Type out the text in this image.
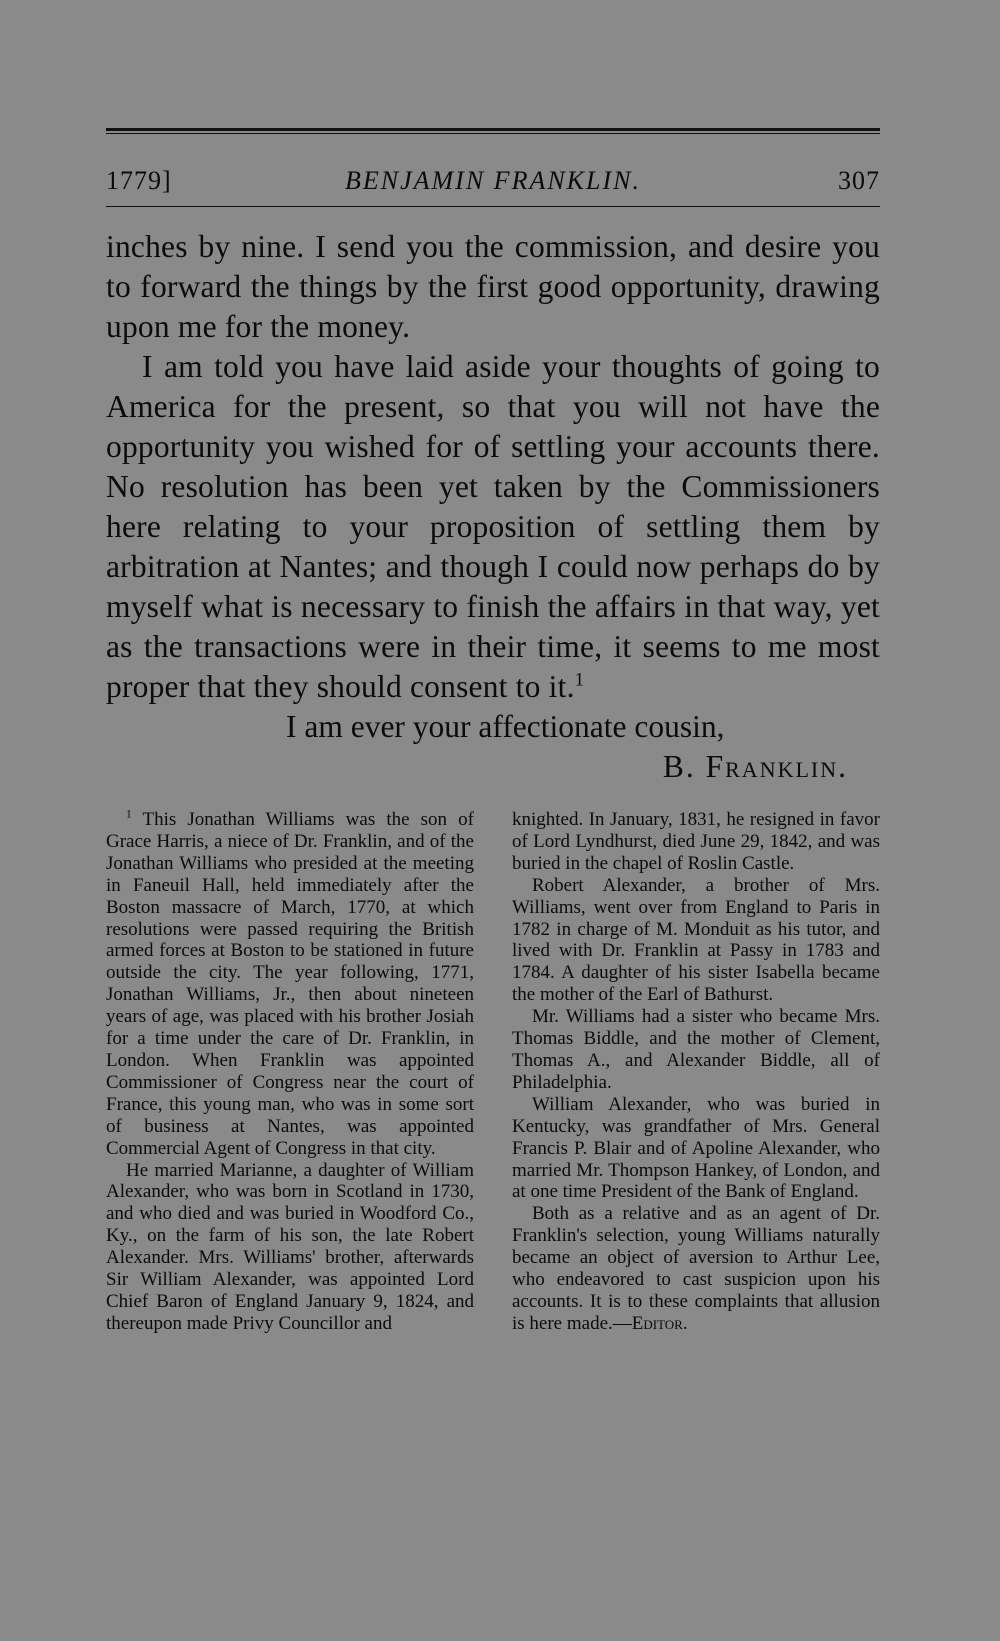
1779]	BENJAMIN FRANKLIN.	307

inches by nine. I send you the commission, and desire you to forward the things by the first good opportunity, drawing upon me for the money.

I am told you have laid aside your thoughts of going to America for the present, so that you will not have the opportunity you wished for of settling your accounts there. No resolution has been yet taken by the Commissioners here relating to your proposition of settling them by arbitration at Nantes; and though I could now perhaps do by myself what is necessary to finish the affairs in that way, yet as the transactions were in their time, it seems to me most proper that they should consent to it.$^1$

I am ever your affectionate cousin,
B. Franklin.

$^1$ This Jonathan Williams was the son of Grace Harris, a niece of Dr. Franklin, and of the Jonathan Williams who presided at the meeting in Faneuil Hall, held immediately after the Boston massacre of March, 1770, at which resolutions were passed requiring the British armed forces at Boston to be stationed in future outside the city. The year following, 1771, Jonathan Williams, Jr., then about nineteen years of age, was placed with his brother Josiah for a time under the care of Dr. Franklin, in London. When Franklin was appointed Commissioner of Congress near the court of France, this young man, who was in some sort of business at Nantes, was appointed Commercial Agent of Congress in that city.

He married Marianne, a daughter of William Alexander, who was born in Scotland in 1730, and who died and was buried in Woodford Co., Ky., on the farm of his son, the late Robert Alexander. Mrs. Williams' brother, afterwards Sir William Alexander, was appointed Lord Chief Baron of England January 9, 1824, and thereupon made Privy Councillor and

knighted. In January, 1831, he resigned in favor of Lord Lyndhurst, died June 29, 1842, and was buried in the chapel of Roslin Castle.

Robert Alexander, a brother of Mrs. Williams, went over from England to Paris in 1782 in charge of M. Monduit as his tutor, and lived with Dr. Franklin at Passy in 1783 and 1784. A daughter of his sister Isabella became the mother of the Earl of Bathurst.

Mr. Williams had a sister who became Mrs. Thomas Biddle, and the mother of Clement, Thomas A., and Alexander Biddle, all of Philadelphia.

William Alexander, who was buried in Kentucky, was grandfather of Mrs. General Francis P. Blair and of Apoline Alexander, who married Mr. Thompson Hankey, of London, and at one time President of the Bank of England.

Both as a relative and as an agent of Dr. Franklin's selection, young Williams naturally became an object of aversion to Arthur Lee, who endeavored to cast suspicion upon his accounts. It is to these complaints that allusion is here made.—Editor.
